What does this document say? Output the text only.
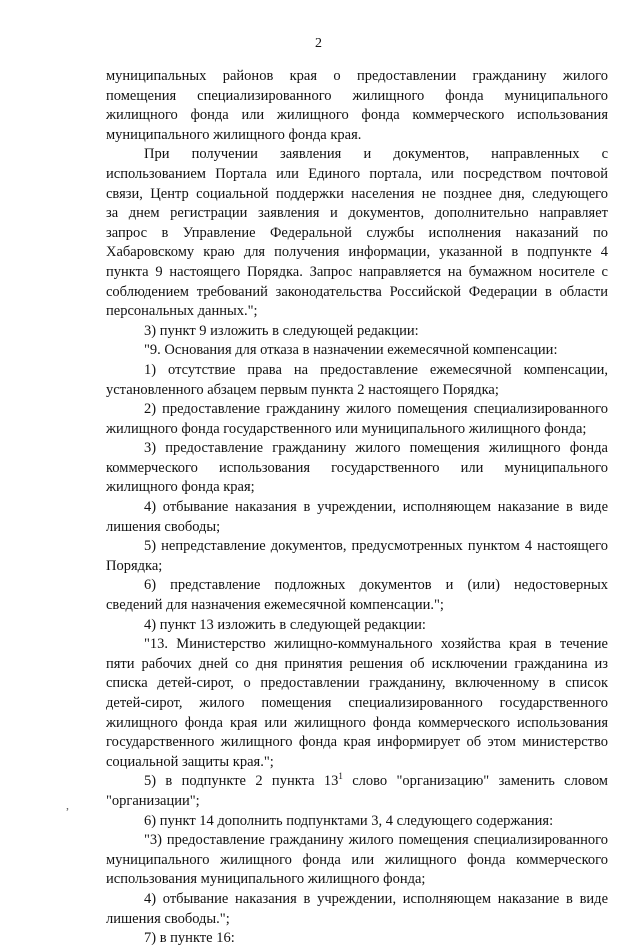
2
,
муниципальных районов края о предоставлении гражданину жилого
помещения специализированного жилищного фонда муниципального
жилищного фонда или жилищного фонда коммерческого использования
муниципального жилищного фонда края.
При получении заявления и документов, направленных с
использованием Портала или Единого портала, или посредством почтовой
связи, Центр социальной поддержки населения не позднее дня, следующего
за днем регистрации заявления и документов, дополнительно направляет
запрос в Управление Федеральной службы исполнения наказаний по
Хабаровскому краю для получения информации, указанной в подпункте 4
пункта 9 настоящего Порядка. Запрос направляется на бумажном носителе с
соблюдением требований законодательства Российской Федерации в области
персональных данных.";
3) пункт 9 изложить в следующей редакции:
"9. Основания для отказа в назначении ежемесячной компенсации:
1) отсутствие права на предоставление ежемесячной компенсации,
установленного абзацем первым пункта 2 настоящего Порядка;
2) предоставление гражданину жилого помещения специализированного
жилищного фонда государственного или муниципального жилищного фонда;
3) предоставление гражданину жилого помещения жилищного фонда
коммерческого использования государственного или муниципального
жилищного фонда края;
4) отбывание наказания в учреждении, исполняющем наказание в виде
лишения свободы;
5) непредставление документов, предусмотренных пунктом 4 настоящего
Порядка;
6) представление подложных документов и (или) недостоверных
сведений для назначения ежемесячной компенсации.";
4) пункт 13 изложить в следующей редакции:
"13. Министерство жилищно-коммунального хозяйства края в течение
пяти рабочих дней со дня принятия решения об исключении гражданина из
списка детей-сирот, о предоставлении гражданину, включенному в список
детей-сирот, жилого помещения специализированного государственного
жилищного фонда края или жилищного фонда коммерческого использования
государственного жилищного фонда края информирует об этом министерство
социальной защиты края.";
5) в подпункте 2 пункта $13^1$ слово "организацию" заменить словом
"организации";
6) пункт 14 дополнить подпунктами 3, 4 следующего содержания:
"3) предоставление гражданину жилого помещения специализированного
муниципального жилищного фонда или жилищного фонда коммерческого
использования муниципального жилищного фонда;
4) отбывание наказания в учреждении, исполняющем наказание в виде
лишения свободы.";
7) в пункте 16:
